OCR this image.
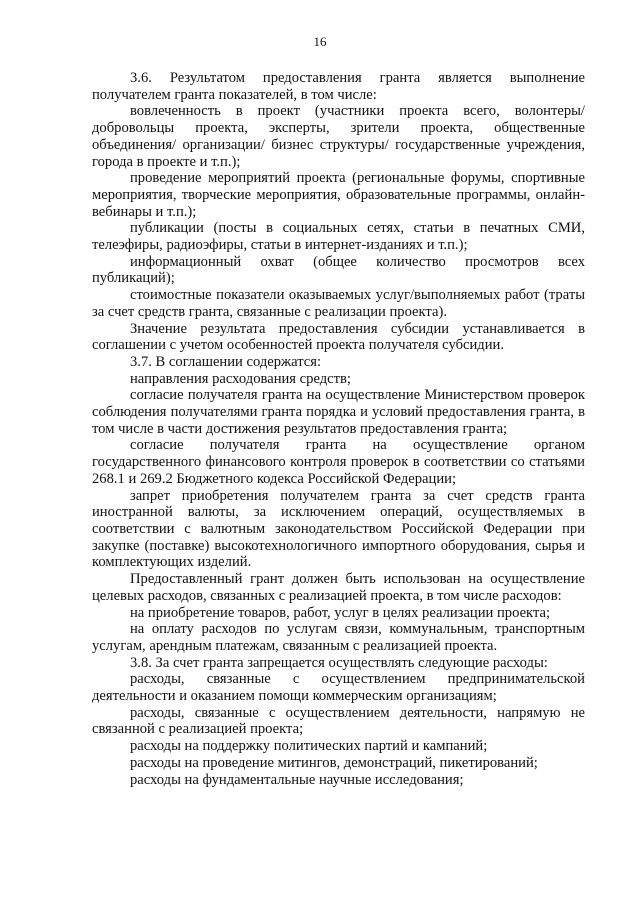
16

3.6. Результатом предоставления гранта является выполнение получателем гранта показателей, в том числе:

вовлеченность в проект (участники проекта всего, волонтеры/добровольцы проекта, эксперты, зрители проекта, общественные объединения/ организации/ бизнес структуры/ государственные учреждения, города в проекте и т.п.);

проведение мероприятий проекта (региональные форумы, спортивные мероприятия, творческие мероприятия, образовательные программы, онлайн-вебинары и т.п.);

публикации (посты в социальных сетях, статьи в печатных СМИ, телеэфиры, радиоэфиры, статьи в интернет-изданиях и т.п.);

информационный охват (общее количество просмотров всех публикаций);

стоимостные показатели оказываемых услуг/выполняемых работ (траты за счет средств гранта, связанные с реализации проекта).

Значение результата предоставления субсидии устанавливается в соглашении с учетом особенностей проекта получателя субсидии.

3.7. В соглашении содержатся:

направления расходования средств;

согласие получателя гранта на осуществление Министерством проверок соблюдения получателями гранта порядка и условий предоставления гранта, в том числе в части достижения результатов предоставления гранта;

согласие получателя гранта на осуществление органом государственного финансового контроля проверок в соответствии со статьями 268.1 и 269.2 Бюджетного кодекса Российской Федерации;

запрет приобретения получателем гранта за счет средств гранта иностранной валюты, за исключением операций, осуществляемых в соответствии с валютным законодательством Российской Федерации при закупке (поставке) высокотехнологичного импортного оборудования, сырья и комплектующих изделий.

Предоставленный грант должен быть использован на осуществление целевых расходов, связанных с реализацией проекта, в том числе расходов:

на приобретение товаров, работ, услуг в целях реализации проекта;

на оплату расходов по услугам связи, коммунальным, транспортным услугам, арендным платежам, связанным с реализацией проекта.

3.8. За счет гранта запрещается осуществлять следующие расходы:

расходы, связанные с осуществлением предпринимательской деятельности и оказанием помощи коммерческим организациям;

расходы, связанные с осуществлением деятельности, напрямую не связанной с реализацией проекта;

расходы на поддержку политических партий и кампаний;

расходы на проведение митингов, демонстраций, пикетирований;

расходы на фундаментальные научные исследования;
